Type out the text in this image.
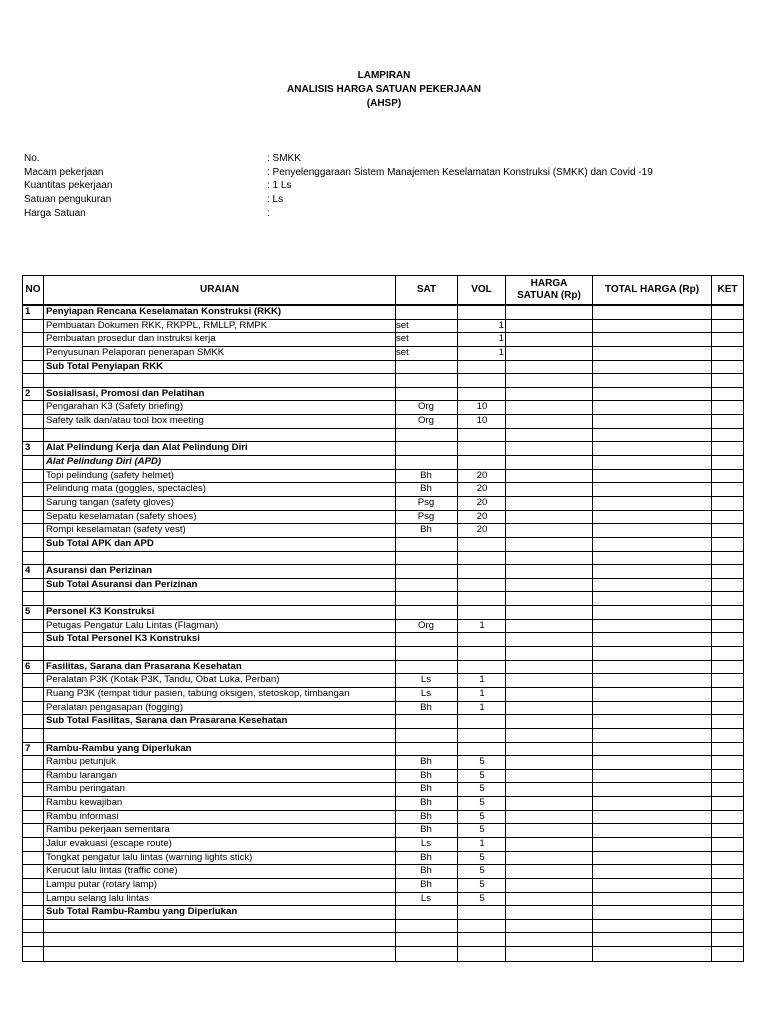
LAMPIRAN
ANALISIS HARGA SATUAN PEKERJAAN
(AHSP)
No.	: SMKK
Macam pekerjaan	: Penyelenggaraan Sistem Manajemen Keselamatan Konstruksi (SMKK) dan Covid -19
Kuantitas pekerjaan	: 1 Ls
Satuan pengukuran	: Ls
Harga Satuan	:
NO	URAIAN	SAT	VOL
HARGA
SATUAN (Rp)
TOTAL HARGA (Rp)	KET
1	Penyiapan Rencana Keselamatan Konstruksi (RKK)
Pembuatan Dokumen RKK, RKPPL, RMLLP, RMPK	set	1
Pembuatan prosedur dan instruksi kerja	set	1
Penyusunan Pelaporan penerapan SMKK	set	1
Sub Total Penyiapan RKK
2	Sosialisasi, Promosi dan Pelatihan
Pengarahan K3 (Safety briefing)	Org	10
Safety talk dan/atau tool box meeting	Org	10
3	Alat Pelindung Kerja dan Alat Pelindung Diri
Alat Pelindung Diri (APD)
Topi pelindung (safety helmet)	Bh	20
Pelindung mata (goggles, spectacles)	Bh	20
Sarung tangan (safety gloves)	Psg	20
Sepatu keselamatan (safety shoes)	Psg	20
Rompi keselamatan (safety vest)	Bh	20
Sub Total APK dan APD
4	Asuransi dan Perizinan
Sub Total Asuransi dan Perizinan
5	Personel K3 Konstruksi
Petugas Pengatur Lalu Lintas (Flagman)	Org	1
Sub Total Personel K3 Konstruksi
6	Fasilitas, Sarana dan Prasarana Kesehatan
Peralatan P3K (Kotak P3K, Tandu, Obat Luka, Perban)	Ls	1
Ruang P3K (tempat tidur pasien, tabung oksigen, stetoskop, timbangan	Ls	1
Peralatan pengasapan (fogging)	Bh	1
Sub Total Fasilitas, Sarana dan Prasarana Kesehatan
7	Rambu-Rambu yang Diperlukan
Rambu petunjuk	Bh	5
Rambu larangan	Bh	5
Rambu peringatan	Bh	5
Rambu kewajiban	Bh	5
Rambu informasi	Bh	5
Rambu pekerjaan sementara	Bh	5
Jalur evakuasi (escape route)	Ls	1
Tongkat pengatur lalu lintas (warning lights stick)	Bh	5
Kerucut lalu lintas (traffic cone)	Bh	5
Lampu putar (rotary lamp)	Bh	5
Lampu selang lalu lintas	Ls	5
Sub Total Rambu-Rambu yang Diperlukan
